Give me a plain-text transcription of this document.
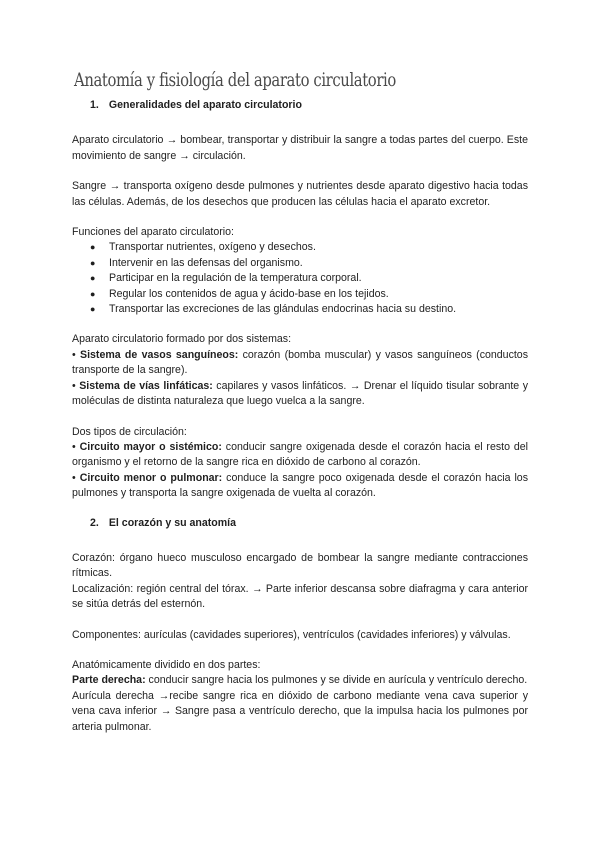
Anatomía y fisiología del aparato circulatorio
1. Generalidades del aparato circulatorio

Aparato circulatorio → bombear, transportar y distribuir la sangre a todas partes del cuerpo. Este movimiento de sangre → circulación.

Sangre → transporta oxígeno desde pulmones y nutrientes desde aparato digestivo hacia todas las células. Además, de los desechos que producen las células hacia el aparato excretor.

Funciones del aparato circulatorio:

●	Transportar nutrientes, oxígeno y desechos.
●	Intervenir en las defensas del organismo.
●	Participar en la regulación de la temperatura corporal.
●	Regular los contenidos de agua y ácido-base en los tejidos.
●	Transportar las excreciones de las glándulas endocrinas hacia su destino.

Aparato circulatorio formado por dos sistemas:

• Sistema de vasos sanguíneos: corazón (bomba muscular) y vasos sanguíneos (conductos transporte de la sangre).

• Sistema de vías linfáticas: capilares y vasos linfáticos. → Drenar el líquido tisular sobrante y moléculas de distinta naturaleza que luego vuelca a la sangre.

Dos tipos de circulación:

• Circuito mayor o sistémico: conducir sangre oxigenada desde el corazón hacia el resto del organismo y el retorno de la sangre rica en dióxido de carbono al corazón.

• Circuito menor o pulmonar: conduce la sangre poco oxigenada desde el corazón hacia los pulmones y transporta la sangre oxigenada de vuelta al corazón.

2. El corazón y su anatomía

Corazón: órgano hueco musculoso encargado de bombear la sangre mediante contracciones rítmicas.

Localización: región central del tórax. → Parte inferior descansa sobre diafragma y cara anterior se sitúa detrás del esternón.

Componentes: aurículas (cavidades superiores), ventrículos (cavidades inferiores) y válvulas.

Anatómicamente dividido en dos partes:

Parte derecha: conducir sangre hacia los pulmones y se divide en aurícula y ventrículo derecho.

Aurícula derecha →recibe sangre rica en dióxido de carbono mediante vena cava superior y vena cava inferior → Sangre pasa a ventrículo derecho, que la impulsa hacia los pulmones por arteria pulmonar.
